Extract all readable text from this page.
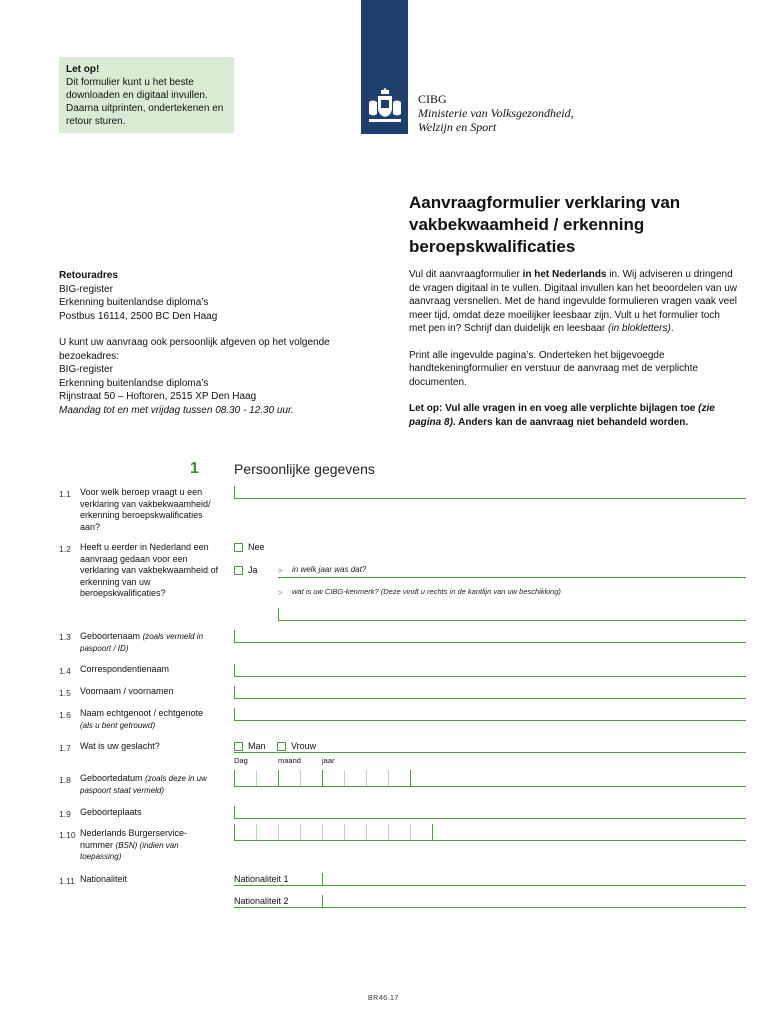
Let op!
Dit formulier kunt u het beste downloaden en digitaal invullen. Daarna uitprinten, ondertekenen en retour sturen.
CIBG
Ministerie van Volksgezondheid,
Welzijn en Sport
Aanvraagformulier verklaring van vakbekwaamheid / erkenning beroepskwalificaties

Vul dit aanvraagformulier in het Nederlands in. Wij adviseren u dringend de vragen digitaal in te vullen. Digitaal invullen kan het beoordelen van uw aanvraag versnellen. Met de hand ingevulde formulieren vragen vaak veel meer tijd, omdat deze moeilijker leesbaar zijn. Vult u het formulier toch met pen in? Schrijf dan duidelijk en leesbaar (in blokletters).

Print alle ingevulde pagina’s. Onderteken het bijgevoegde handtekeningformulier en verstuur de aanvraag met de verplichte documenten.

Let op: Vul alle vragen in en voeg alle verplichte bijlagen toe (zie pagina 8). Anders kan de aanvraag niet behandeld worden.

Retouradres
BIG-register
Erkenning buitenlandse diploma’s
Postbus 16114, 2500 BC Den Haag

U kunt uw aanvraag ook persoonlijk afgeven op het volgende bezoekadres:
BIG-register
Erkenning buitenlandse diploma’s
Rijnstraat 50 – Hoftoren, 2515 XP Den Haag
Maandag tot en met vrijdag tussen 08.30 - 12.30 uur.

1	Persoonlijke gegevens
1.1 Voor welk beroep vraagt u een verklaring van vakbekwaamheid/ erkenning beroepskwalificaties aan?
1.2 Heeft u eerder in Nederland een aanvraag gedaan voor een verklaring van vakbekwaamheid of erkenning van uw beroepskwalificaties?
Nee
Ja	> in welk jaar was dat?
> wat is uw CIBG-kenmerk? (Deze vindt u rechts in de kantlijn van uw beschikking)
1.3 Geboortenaam (zoals vermeld in paspoort / ID)
1.4 Correspondentienaam
1.5 Voornaam / voornamen
1.6 Naam echtgenoot / echtgenote
(als u bent getrouwd)
1.7 Wat is uw geslacht?	Man	Vrouw
Dag	maand	jaar
1.8 Geboortedatum (zoals deze in uw paspoort staat vermeld)
1.9 Geboorteplaats
1.10 Nederlands Burgerservice-nummer (BSN) (indien van toepassing)
1.11 Nationaliteit	Nationaliteit 1
Nationaliteit 2
BR46.17
